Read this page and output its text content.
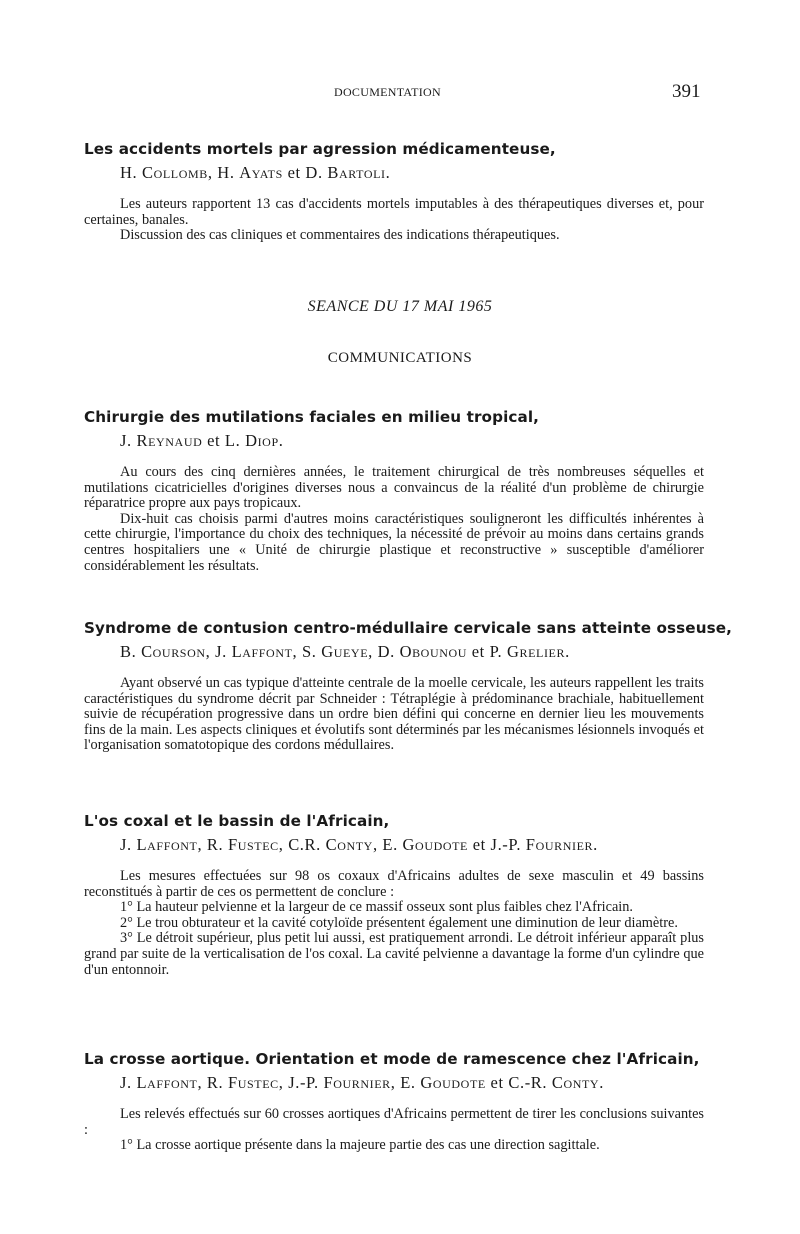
DOCUMENTATION	391
Les accidents mortels par agression médicamenteuse,
H. Collomb, H. Ayats et D. Bartoli.

Les auteurs rapportent 13 cas d'accidents mortels imputables à des thérapeutiques diverses et, pour certaines, banales.

Discussion des cas cliniques et commentaires des indications thérapeutiques.

SEANCE DU 17 MAI 1965
COMMUNICATIONS
Chirurgie des mutilations faciales en milieu tropical,
J. Reynaud et L. Diop.

Au cours des cinq dernières années, le traitement chirurgical de très nombreuses séquelles et mutilations cicatricielles d'origines diverses nous a convaincus de la réalité d'un problème de chirurgie réparatrice propre aux pays tropicaux.

Dix-huit cas choisis parmi d'autres moins caractéristiques souligneront les difficultés inhérentes à cette chirurgie, l'importance du choix des techniques, la nécessité de prévoir au moins dans certains grands centres hospitaliers une « Unité de chirurgie plastique et reconstructive » susceptible d'améliorer considérablement les résultats.

Syndrome de contusion centro-médullaire cervicale sans atteinte osseuse,
B. Courson, J. Laffont, S. Gueye, D. Obounou et P. Grelier.

Ayant observé un cas typique d'atteinte centrale de la moelle cervicale, les auteurs rappellent les traits caractéristiques du syndrome décrit par Schneider : Tétraplégie à prédominance brachiale, habituellement suivie de récupération progressive dans un ordre bien défini qui concerne en dernier lieu les mouvements fins de la main. Les aspects cliniques et évolutifs sont déterminés par les mécanismes lésionnels invoqués et l'organisation somatotopique des cordons médullaires.

L'os coxal et le bassin de l'Africain,
J. Laffont, R. Fustec, C.R. Conty, E. Goudote et J.-P. Fournier.

Les mesures effectuées sur 98 os coxaux d'Africains adultes de sexe masculin et 49 bassins reconstitués à partir de ces os permettent de conclure :

1° La hauteur pelvienne et la largeur de ce massif osseux sont plus faibles chez l'Africain.

2° Le trou obturateur et la cavité cotyloïde présentent également une diminution de leur diamètre.

3° Le détroit supérieur, plus petit lui aussi, est pratiquement arrondi. Le détroit inférieur apparaît plus grand par suite de la verticalisation de l'os coxal. La cavité pelvienne a davantage la forme d'un cylindre que d'un entonnoir.

La crosse aortique. Orientation et mode de ramescence chez l'Africain,
J. Laffont, R. Fustec, J.-P. Fournier, E. Goudote et C.-R. Conty.

Les relevés effectués sur 60 crosses aortiques d'Africains permettent de tirer les conclusions suivantes :

1° La crosse aortique présente dans la majeure partie des cas une direction sagittale.
